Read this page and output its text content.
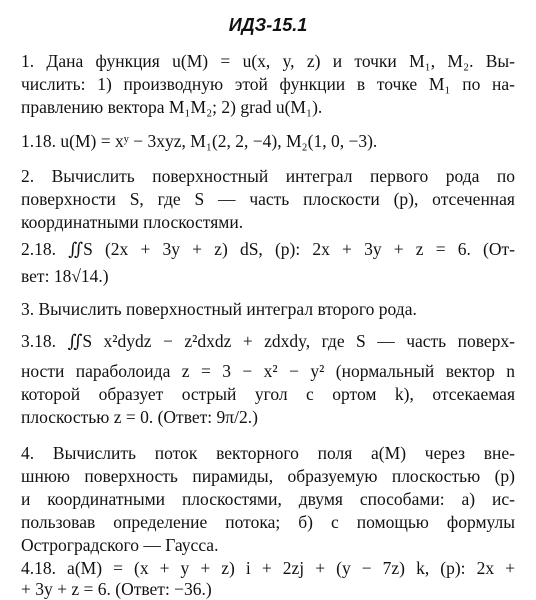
ИДЗ-15.1
1. Дана функция u(M) = u(x, y, z) и точки M₁, M₂. Вы-
числить: 1) производную этой функции в точке M₁ по на-
правлению вектора M₁M₂; 2) grad u(M₁).
1.18. u(M) = xʸ − 3xyz, M₁(2, 2, −4), M₂(1, 0, −3).
2. Вычислить поверхностный интеграл первого рода по
поверхности S, где S — часть плоскости (p), отсеченная
координатными плоскостями.
2.18. ∬S (2x + 3y + z) dS, (p): 2x + 3y + z = 6. (От-
вет: 18√14.)
3. Вычислить поверхностный интеграл второго рода.
3.18. ∬S x²dydz − z²dxdz + zdxdy, где S — часть поверх-
ности параболоида z = 3 − x² − y² (нормальный вектор n
которой образует острый угол с ортом k), отсекаемая
плоскостью z = 0. (Ответ: 9π/2.)
4. Вычислить поток векторного поля a(M) через вне-
шнюю поверхность пирамиды, образуемую плоскостью (p)
и координатными плоскостями, двумя способами: а) ис-
пользовав определение потока; б) с помощью формулы
Остроградского — Гаусса.
4.18. a(M) = (x + y + z) i + 2zj + (y − 7z) k, (p): 2x +
+ 3y + z = 6. (Ответ: −36.)
